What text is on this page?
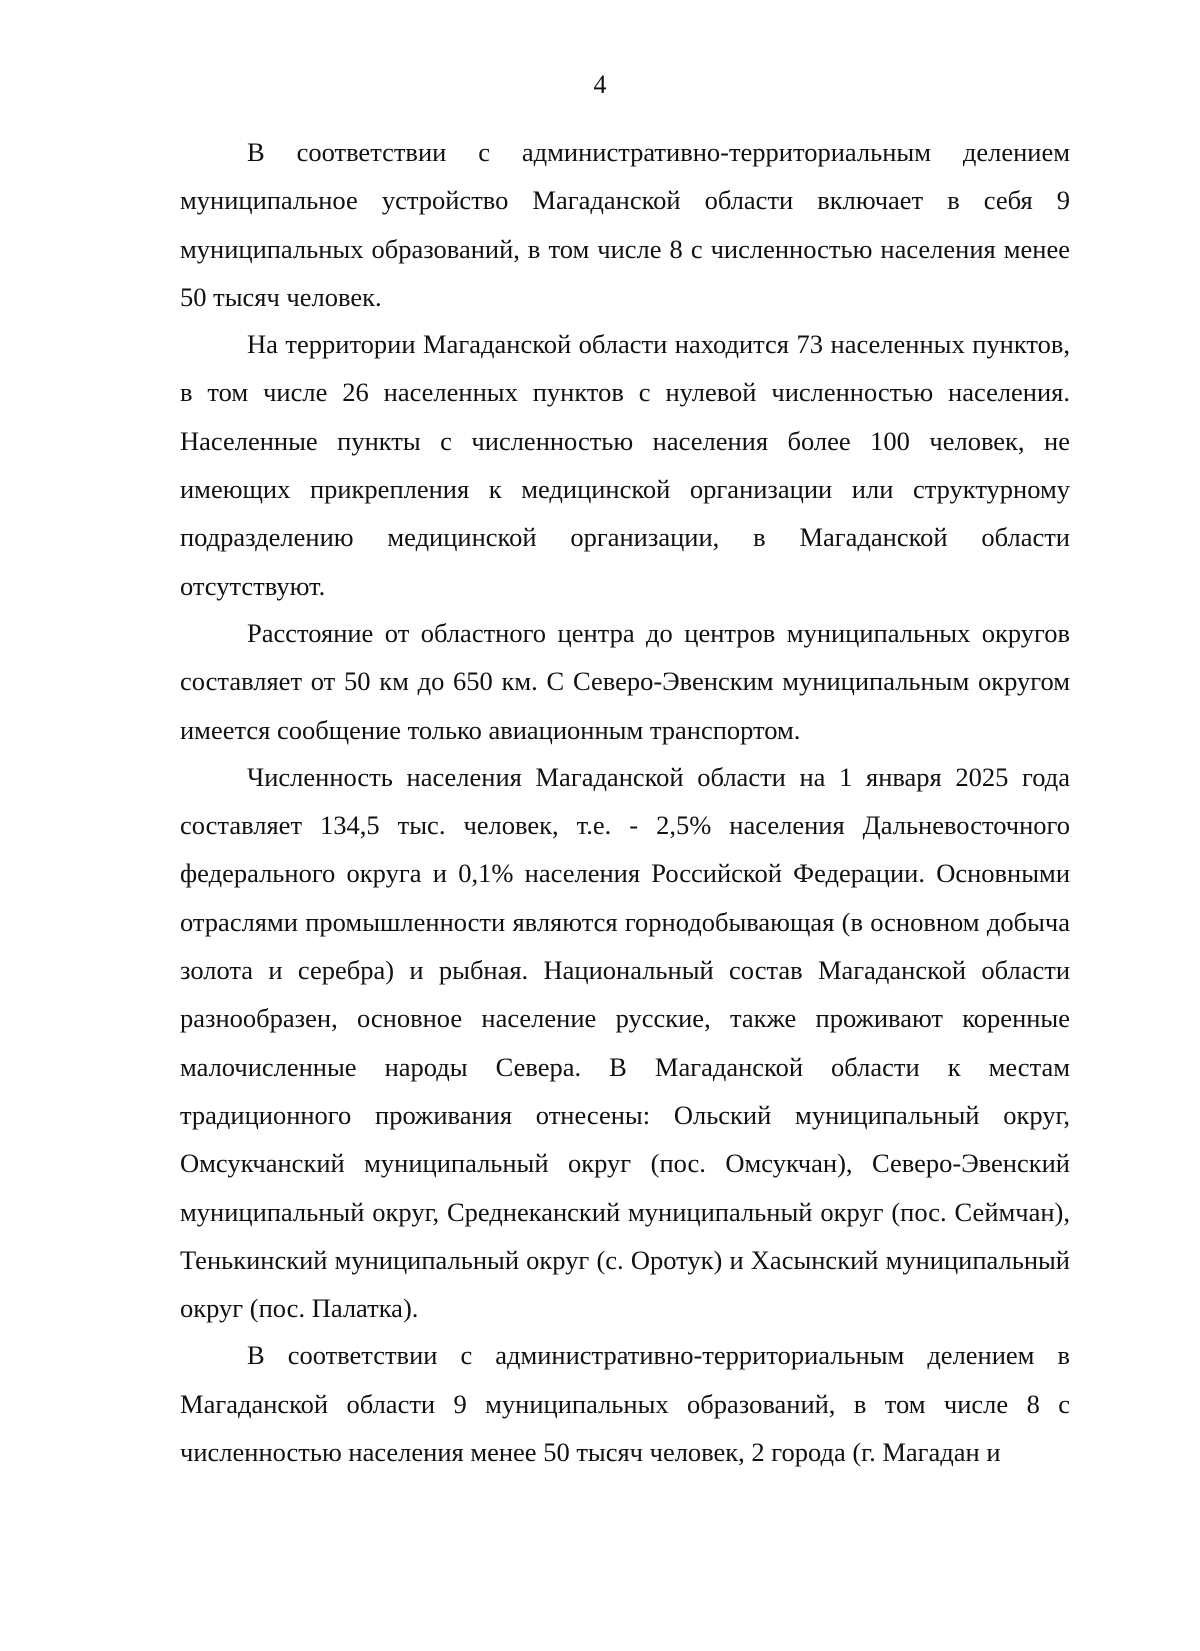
4

В соответствии с административно-территориальным делением муниципальное устройство Магаданской области включает в себя 9 муниципальных образований, в том числе 8 с численностью населения менее 50 тысяч человек.

На территории Магаданской области находится 73 населенных пунктов, в том числе 26 населенных пунктов с нулевой численностью населения. Населенные пункты с численностью населения более 100 человек, не имеющих прикрепления к медицинской организации или структурному подразделению медицинской организации, в Магаданской области отсутствуют.

Расстояние от областного центра до центров муниципальных округов составляет от 50 км до 650 км. С Северо-Эвенским муниципальным округом имеется сообщение только авиационным транспортом.

Численность населения Магаданской области на 1 января 2025 года составляет 134,5 тыс. человек, т.е. - 2,5% населения Дальневосточного федерального округа и 0,1% населения Российской Федерации. Основными отраслями промышленности являются горнодобывающая (в основном добыча золота и серебра) и рыбная. Национальный состав Магаданской области разнообразен, основное население русские, также проживают коренные малочисленные народы Севера. В Магаданской области к местам традиционного проживания отнесены: Ольский муниципальный округ, Омсукчанский муниципальный округ (пос. Омсукчан), Северо-Эвенский муниципальный округ, Среднеканский муниципальный округ (пос. Сеймчан), Тенькинский муниципальный округ (с. Оротук) и Хасынский муниципальный округ (пос. Палатка).

В соответствии с административно-территориальным делением в Магаданской области 9 муниципальных образований, в том числе 8 с численностью населения менее 50 тысяч человек, 2 города (г. Магадан и
